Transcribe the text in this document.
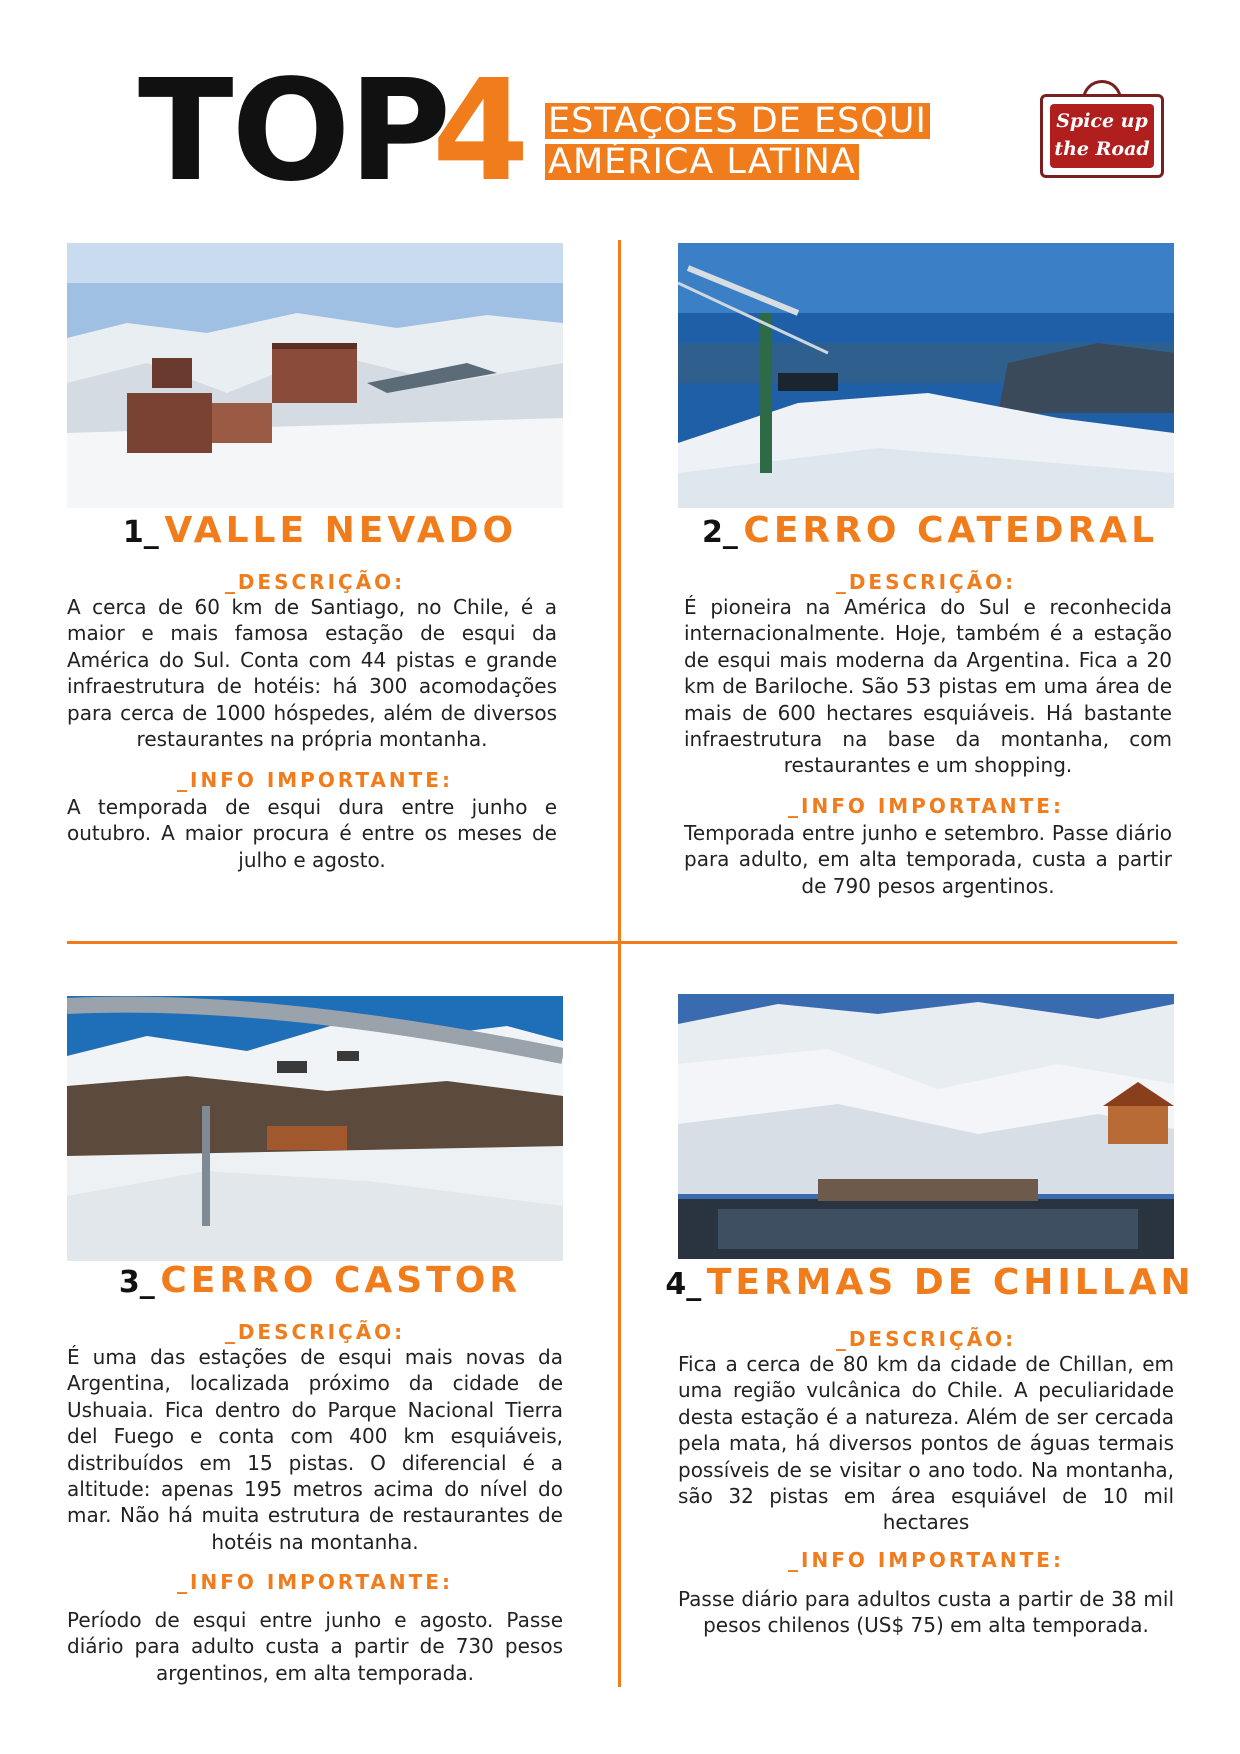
TOP
4 ESTAÇÕES DE ESQUI
AMÉRICA LATINA
Spice up
the Road
1_ VALLE NEVADO
_DESCRIÇÃO:
A cerca de 60 km de Santiago, no Chile, é a maior e mais famosa estação de esqui da América do Sul. Conta com 44 pistas e grande infraestrutura de hotéis: há 300 acomodações para cerca de 1000 hóspedes, além de diversos restaurantes na própria montanha.
_INFO IMPORTANTE:
A temporada de esqui dura entre junho e outubro. A maior procura é entre os meses de julho e agosto.
2_ CERRO CATEDRAL
_DESCRIÇÃO:
É pioneira na América do Sul e reconhecida internacionalmente. Hoje, também é a estação de esqui mais moderna da Argentina. Fica a 20 km de Bariloche. São 53 pistas em uma área de mais de 600 hectares esquiáveis. Há bastante infraestrutura na base da montanha, com restaurantes e um shopping.
_INFO IMPORTANTE:
Temporada entre junho e setembro. Passe diário para adulto, em alta temporada, custa a partir de 790 pesos argentinos.
3_ CERRO CASTOR
_DESCRIÇÃO:
É uma das estações de esqui mais novas da Argentina, localizada próximo da cidade de Ushuaia. Fica dentro do Parque Nacional Tierra del Fuego e conta com 400 km esquiáveis, distribuídos em 15 pistas. O diferencial é a altitude: apenas 195 metros acima do nível do mar. Não há muita estrutura de restaurantes de hotéis na montanha.
_INFO IMPORTANTE:
Período de esqui entre junho e agosto. Passe diário para adulto custa a partir de 730 pesos argentinos, em alta temporada.
4_ TERMAS DE CHILLAN
_DESCRIÇÃO:
Fica a cerca de 80 km da cidade de Chillan, em uma região vulcânica do Chile. A peculiaridade desta estação é a natureza. Além de ser cercada pela mata, há diversos pontos de águas termais possíveis de se visitar o ano todo. Na montanha, são 32 pistas em área esquiável de 10 mil hectares
_INFO IMPORTANTE:
Passe diário para adultos custa a partir de 38 mil pesos chilenos (US$ 75) em alta temporada.
